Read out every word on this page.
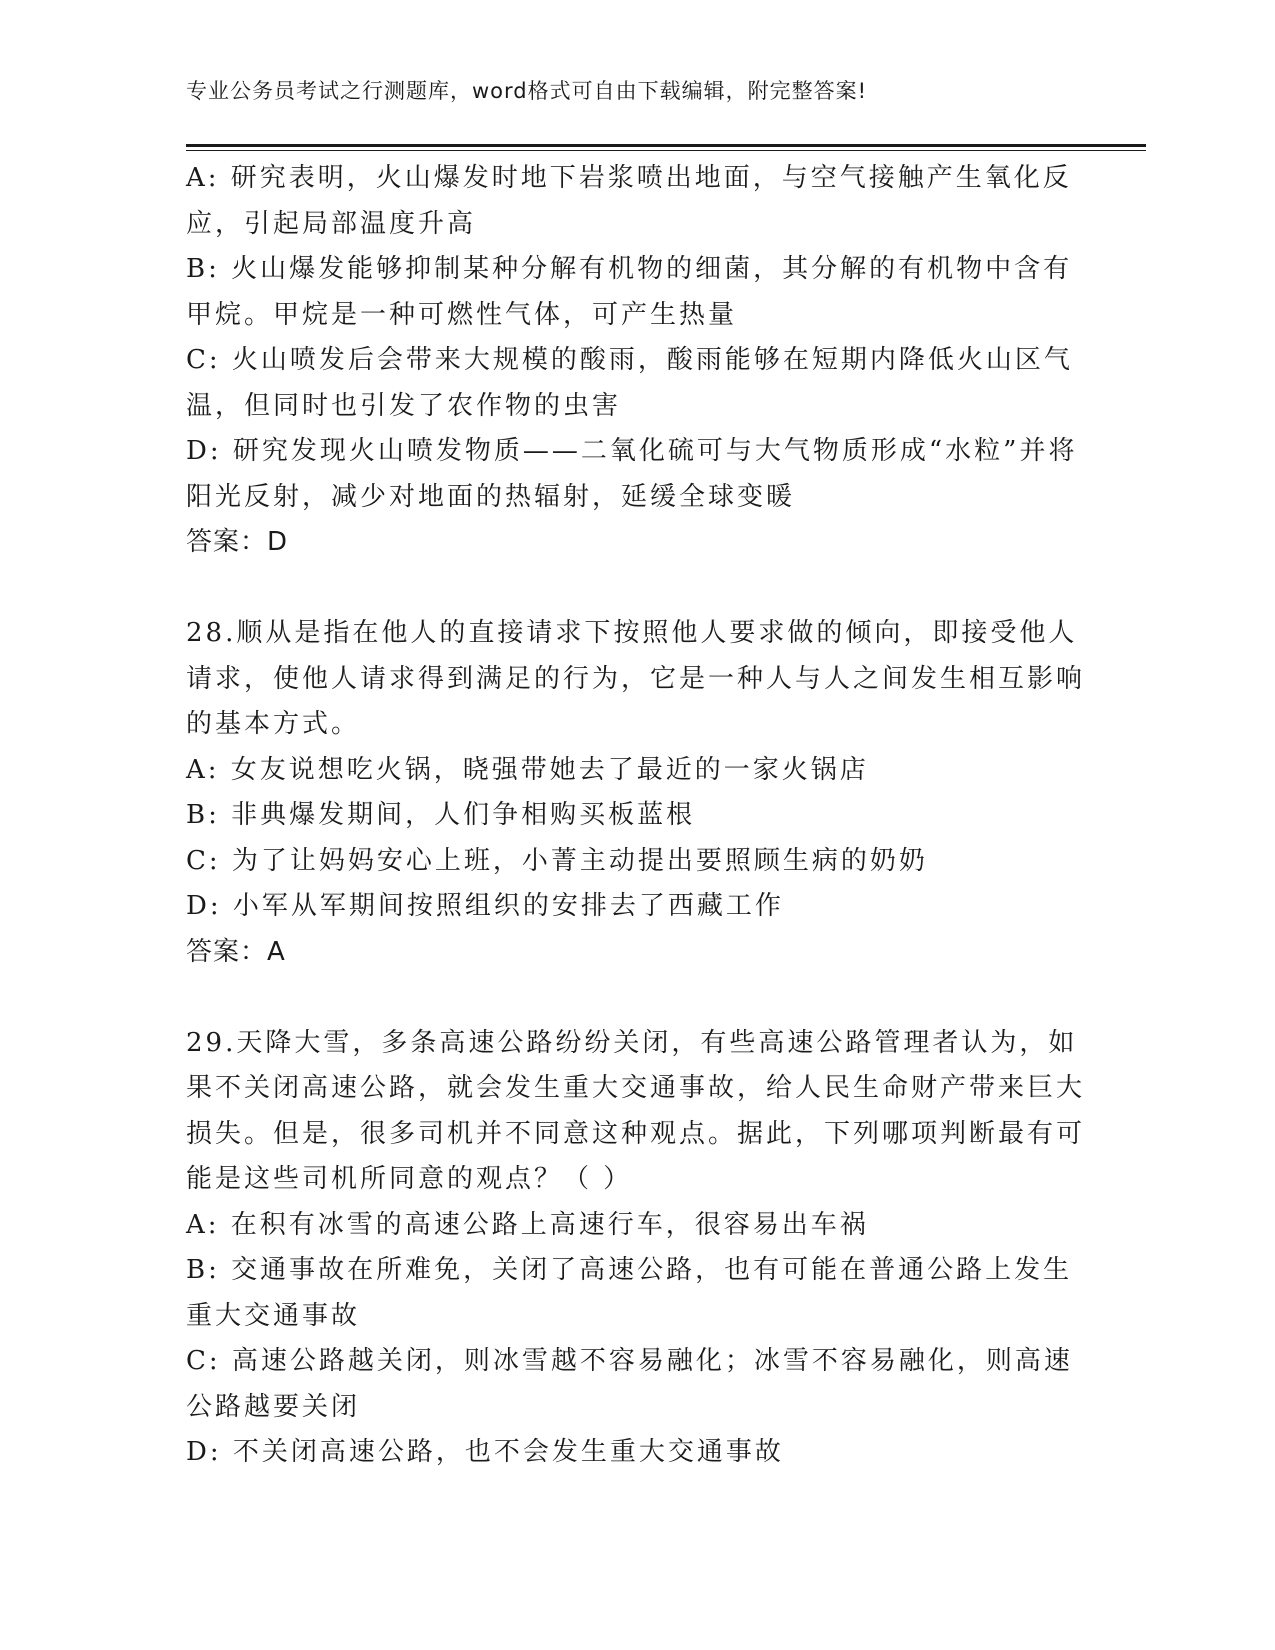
专业公务员考试之行测题库，word格式可自由下载编辑，附完整答案!

A: 研究表明，火山爆发时地下岩浆喷出地面，与空气接触产生氧化反应，引起局部温度升高

B: 火山爆发能够抑制某种分解有机物的细菌，其分解的有机物中含有甲烷。甲烷是一种可燃性气体，可产生热量

C: 火山喷发后会带来大规模的酸雨，酸雨能够在短期内降低火山区气温，但同时也引发了农作物的虫害

D: 研究发现火山喷发物质——二氧化硫可与大气物质形成“水粒”并将阳光反射，减少对地面的热辐射，延缓全球变暖

答案：D

28.顺从是指在他人的直接请求下按照他人要求做的倾向，即接受他人请求，使他人请求得到满足的行为，它是一种人与人之间发生相互影响的基本方式。

A: 女友说想吃火锅，晓强带她去了最近的一家火锅店

B: 非典爆发期间，人们争相购买板蓝根

C: 为了让妈妈安心上班，小菁主动提出要照顾生病的奶奶

D: 小军从军期间按照组织的安排去了西藏工作

答案：A

29.天降大雪，多条高速公路纷纷关闭，有些高速公路管理者认为，如果不关闭高速公路，就会发生重大交通事故，给人民生命财产带来巨大损失。但是，很多司机并不同意这种观点。据此，下列哪项判断最有可能是这些司机所同意的观点？（ ）

A: 在积有冰雪的高速公路上高速行车，很容易出车祸

B: 交通事故在所难免，关闭了高速公路，也有可能在普通公路上发生重大交通事故

C: 高速公路越关闭，则冰雪越不容易融化；冰雪不容易融化，则高速公路越要关闭

D: 不关闭高速公路，也不会发生重大交通事故
